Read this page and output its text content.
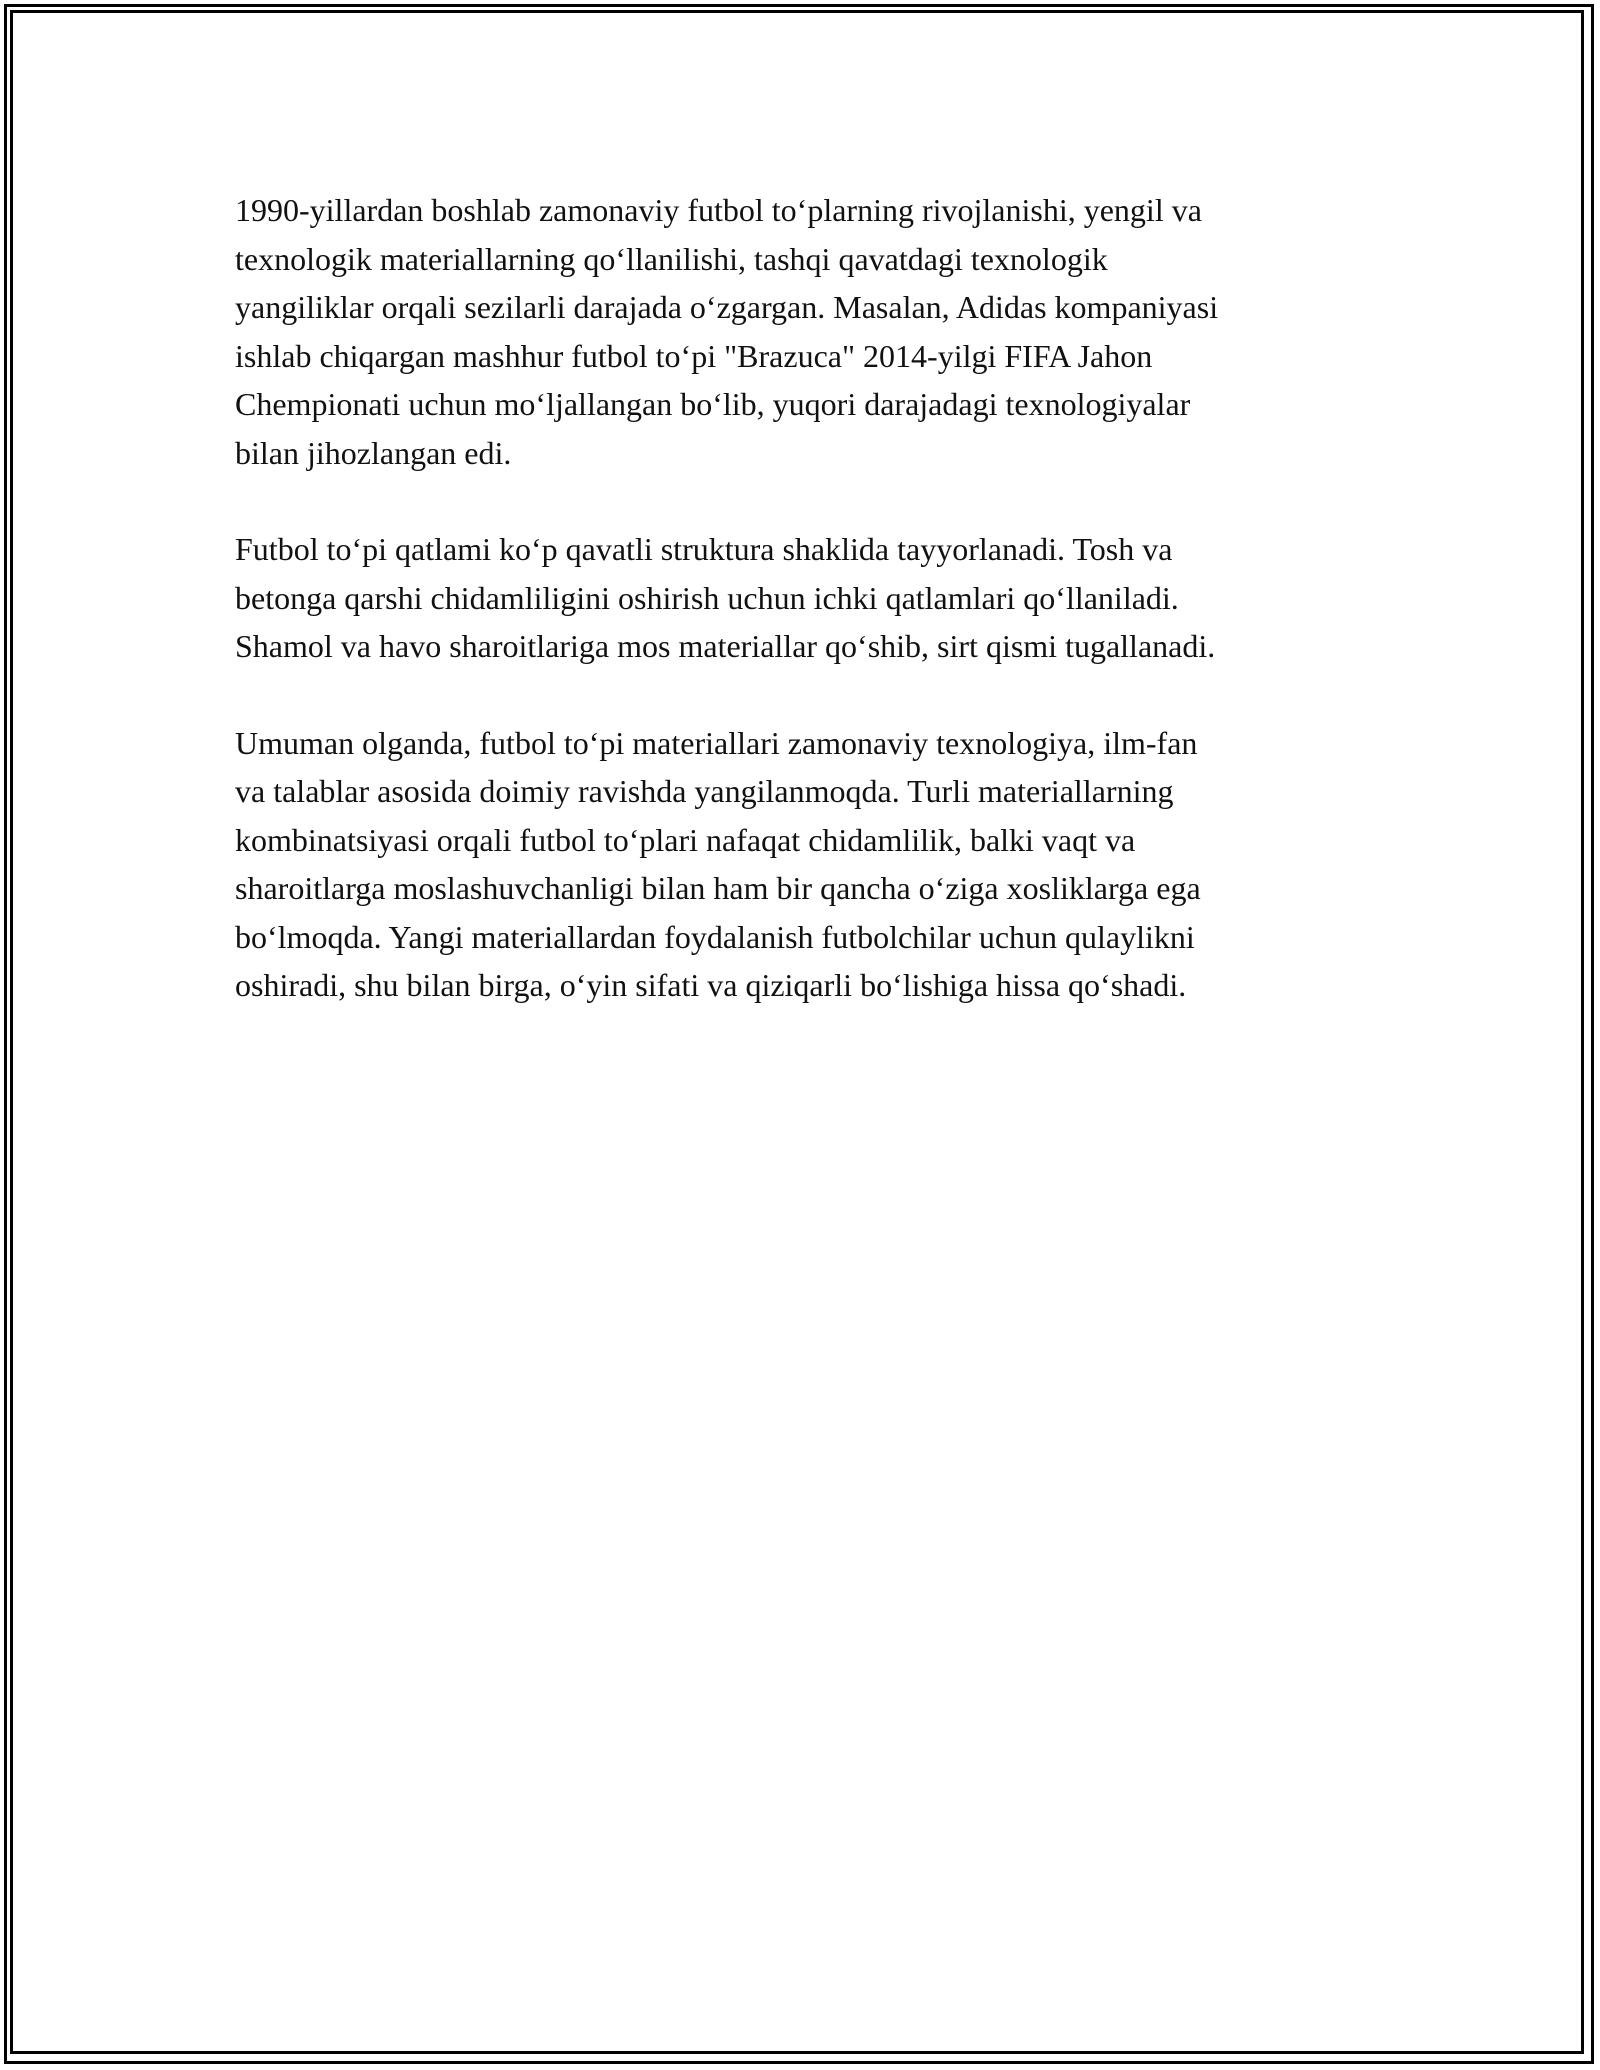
1990-yillardan boshlab zamonaviy futbol to‘plarning rivojlanishi, yengil va
texnologik materiallarning qo‘llanilishi, tashqi qavatdagi texnologik
yangiliklar orqali sezilarli darajada o‘zgargan. Masalan, Adidas kompaniyasi
ishlab chiqargan mashhur futbol to‘pi "Brazuca" 2014-yilgi FIFA Jahon
Chempionati uchun mo‘ljallangan bo‘lib, yuqori darajadagi texnologiyalar
bilan jihozlangan edi.

Futbol to‘pi qatlami ko‘p qavatli struktura shaklida tayyorlanadi. Tosh va
betonga qarshi chidamliligini oshirish uchun ichki qatlamlari qo‘llaniladi.
Shamol va havo sharoitlariga mos materiallar qo‘shib, sirt qismi tugallanadi.

Umuman olganda, futbol to‘pi materiallari zamonaviy texnologiya, ilm-fan
va talablar asosida doimiy ravishda yangilanmoqda. Turli materiallarning
kombinatsiyasi orqali futbol to‘plari nafaqat chidamlilik, balki vaqt va
sharoitlarga moslashuvchanligi bilan ham bir qancha o‘ziga xosliklarga ega
bo‘lmoqda. Yangi materiallardan foydalanish futbolchilar uchun qulaylikni
oshiradi, shu bilan birga, o‘yin sifati va qiziqarli bo‘lishiga hissa qo‘shadi.
